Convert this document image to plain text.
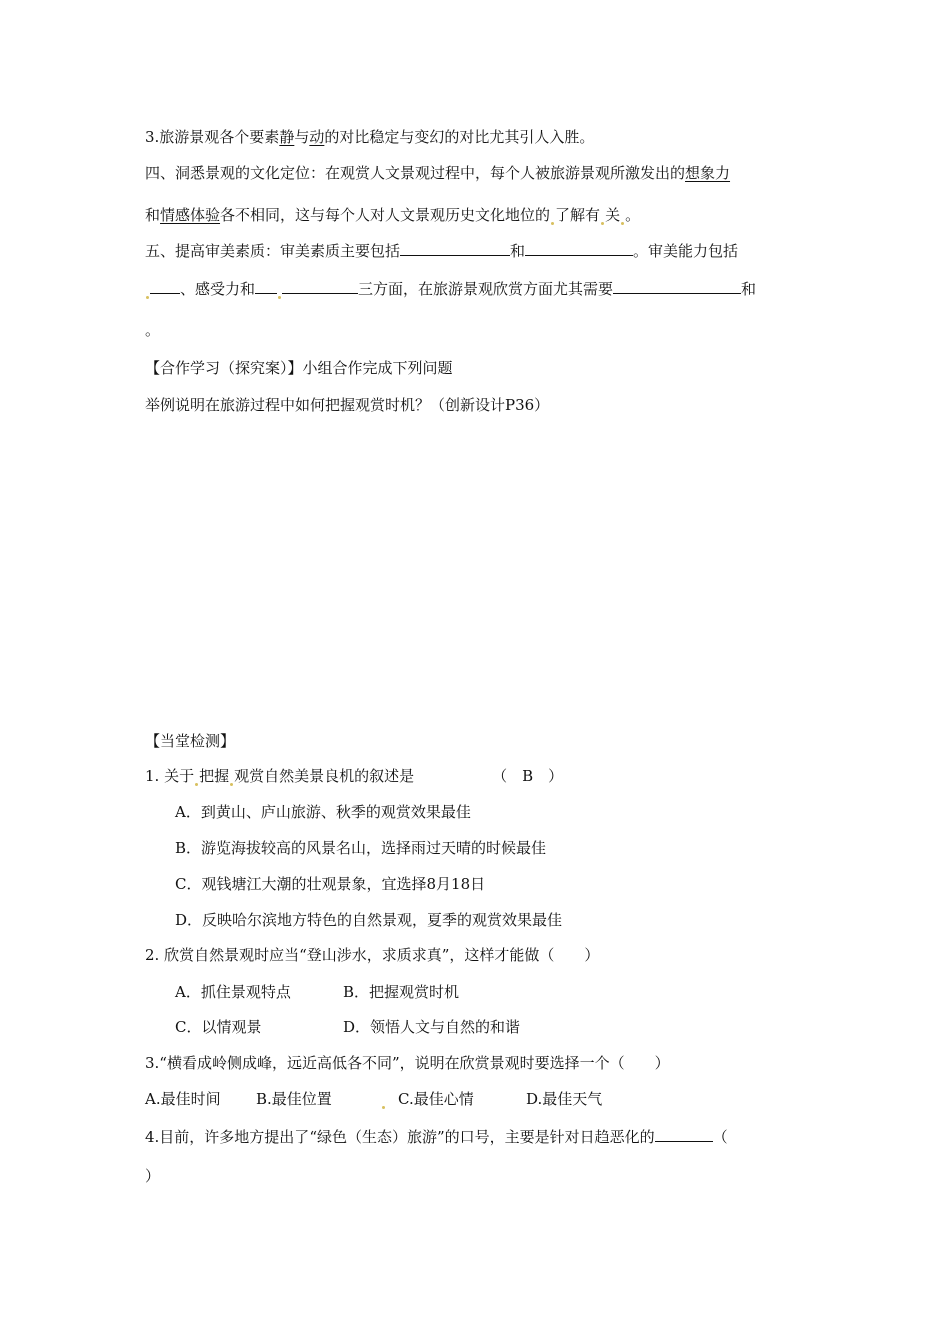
3.旅游景观各个要素静与动的对比稳定与变幻的对比尤其引人入胜。
四、洞悉景观的文化定位：在观赏人文景观过程中，每个人被旅游景观所激发出的想象力
和情感体验各不相同，这与每个人对人文景观历史文化地位的 了解有 关 。
五、提高审美素质：审美素质主要包括	和	。审美能力包括
、感受力和	三方面，在旅游景观欣赏方面尤其需要	和
。
【合作学习（探究案）】小组合作完成下列问题
举例说明在旅游过程中如何把握观赏时机？（创新设计P36）
【当堂检测】
1. 关于 把握 观赏自然美景良机的叙述是	（　B　）
A．到黄山、庐山旅游、秋季的观赏效果最佳
B．游览海拔较高的风景名山，选择雨过天晴的时候最佳
C．观钱塘江大潮的壮观景象，宜选择8月18日
D．反映哈尔滨地方特色的自然景观，夏季的观赏效果最佳
2. 欣赏自然景观时应当“登山涉水，求质求真”，这样才能做（　　）
A．抓住景观特点	B．把握观赏时机
C．以情观景	D．领悟人文与自然的和谐
3.“横看成岭侧成峰，远近高低各不同”，说明在欣赏景观时要选择一个（　　）
A.最佳时间 B.最佳位置	C.最佳心情	D.最佳天气
4.目前，许多地方提出了“绿色（生态）旅游”的口号，主要是针对日趋恶化的	（
）
